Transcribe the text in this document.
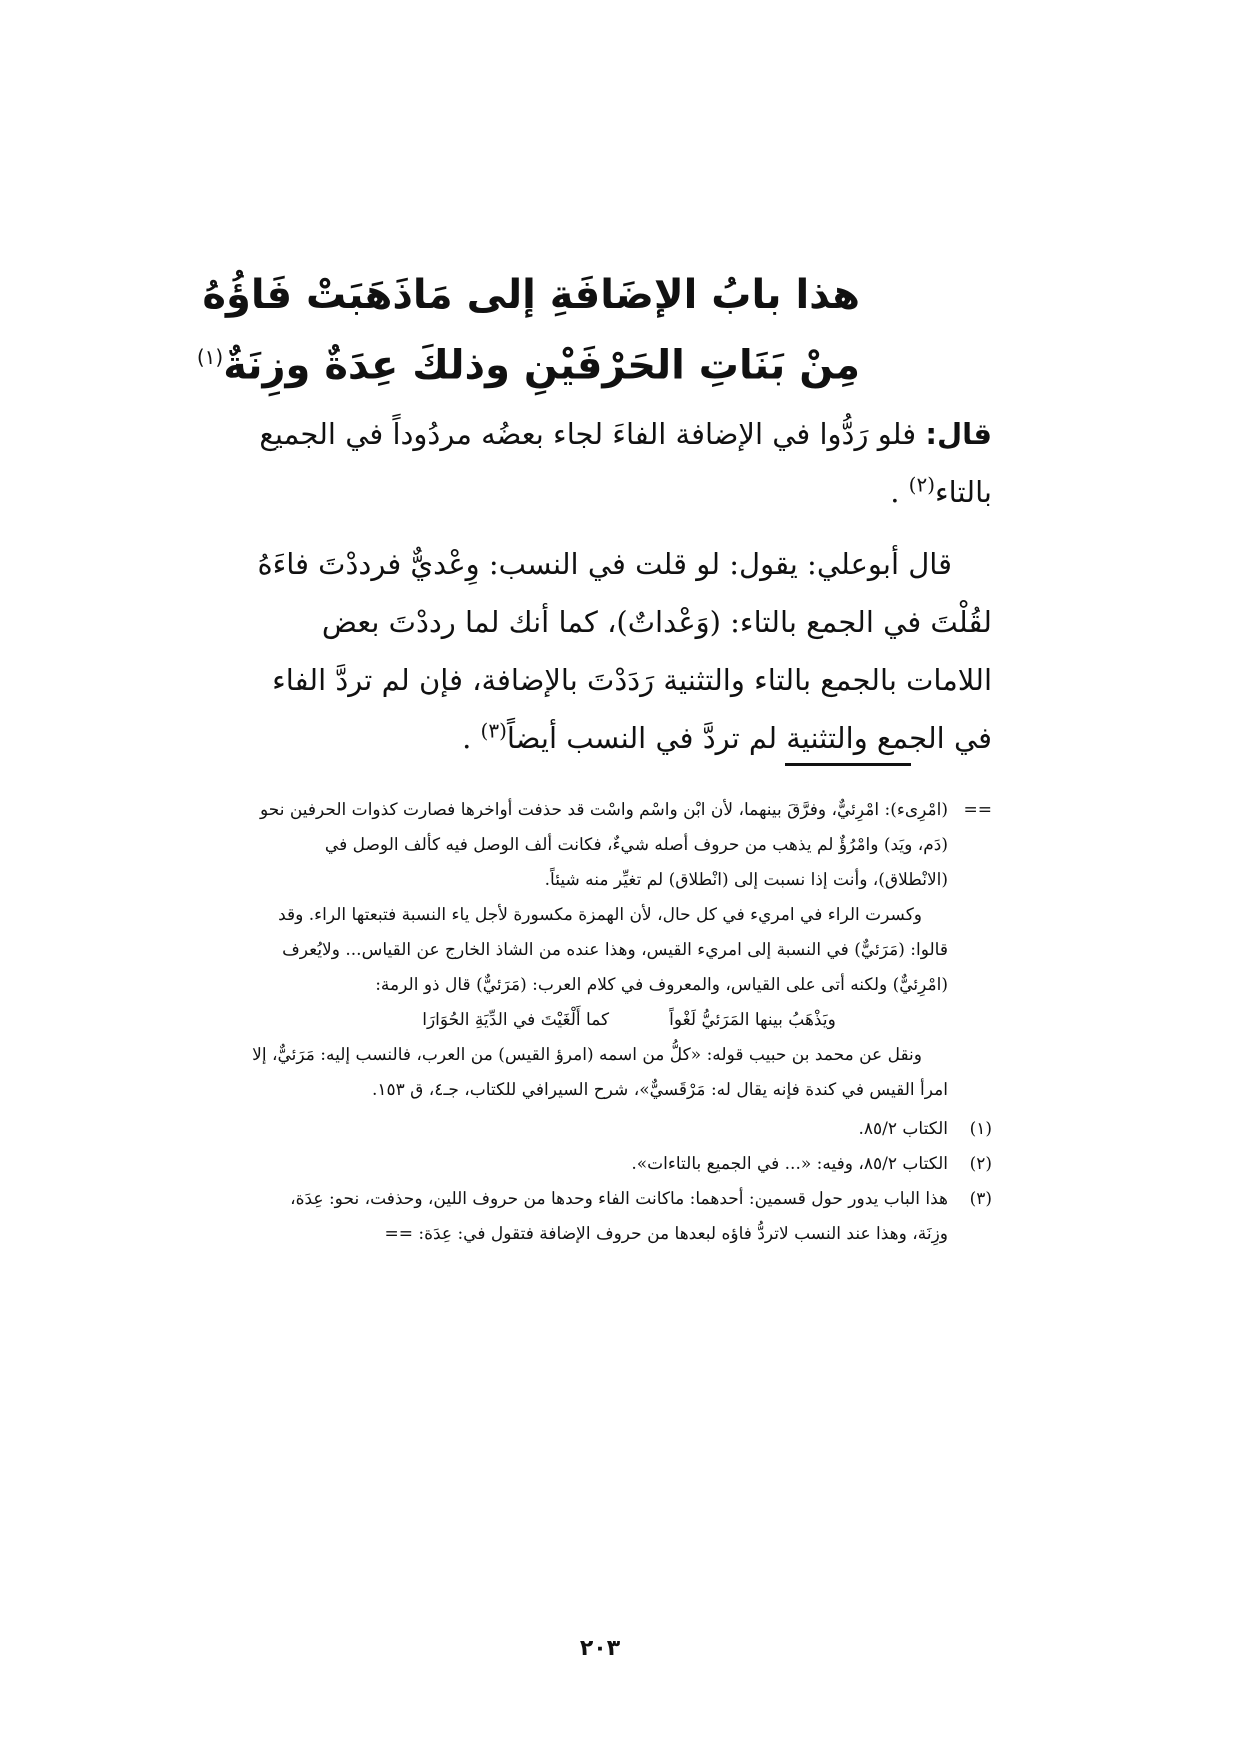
هذا بابُ الإضَافَةِ إلى مَاذَهَبَتْ فَاؤُهُ
مِنْ بَنَاتِ الحَرْفَيْنِ وذلكَ عِدَةٌ وزِنَةٌ$^{(١)}$

قال: فلو رَدُّوا في الإضافة الفاءَ لجاء بعضُه مردُوداً في الجميع بالتاء$^{(٢)}$ .

قال أبوعلي: يقول: لو قلت في النسب: وِعْديٌّ فرددْتَ فاءَهُ لقُلْتَ في الجمع بالتاء: (وَعْداتٌ)، كما أنك لما رددْتَ بعض اللامات بالجمع بالتاء والتثنية رَدَدْتَ بالإضافة، فإن لم تردَّ الفاء في الجمع والتثنية لم تردَّ في النسب أيضاً$^{(٣)}$ .

==

(امْرِىء): امْرِئيٌّ، وفرَّقَ بينهما، لأن ابْن واسْم واسْت قد حذفت أواخرها فصارت كذوات الحرفين نحو (دَم، ويَد) وامْرُؤٌ لم يذهب من حروف أصله شيءٌ، فكانت ألف الوصل فيه كألف الوصل في (الانْطلاق)، وأنت إذا نسبت إلى (انْطلاق) لم تغيِّر منه شيئاً.

وكسرت الراء في امريء في كل حال، لأن الهمزة مكسورة لأجل ياء النسبة فتبعتها الراء. وقد قالوا: (مَرَئيٌّ) في النسبة إلى امريء القيس، وهذا عنده من الشاذ الخارج عن القياس... ولايُعرف (امْرِئيٌّ) ولكنه أتى على القياس، والمعروف في كلام العرب: (مَرَئيٌّ) قال ذو الرمة:

ويَذْهَبُ بينها المَرَئيُّ لَغْواً
كما أَلْغَيْتَ في الدِّيَةِ الحُوَارَا

ونقل عن محمد بن حبيب قوله: «كلُّ من اسمه (امرؤ القيس) من العرب، فالنسب إليه: مَرَئيٌّ، إلا امرأ القيس في كندة فإنه يقال له: مَرْقَسيٌّ»، شرح السيرافي للكتاب، جـ٤، ق ١٥٣.

(١)
الكتاب ٨٥/٢.
(٢)
الكتاب ٨٥/٢، وفيه: «... في الجميع بالتاءات».
(٣)
هذا الباب يدور حول قسمين: أحدهما: ماكانت الفاء وحدها من حروف اللين، وحذفت، نحو: عِدَة، وزِنَة، وهذا عند النسب لاتردُّ فاؤه لبعدها من حروف الإضافة فتقول في: عِدَة: ==
٢٠٣
